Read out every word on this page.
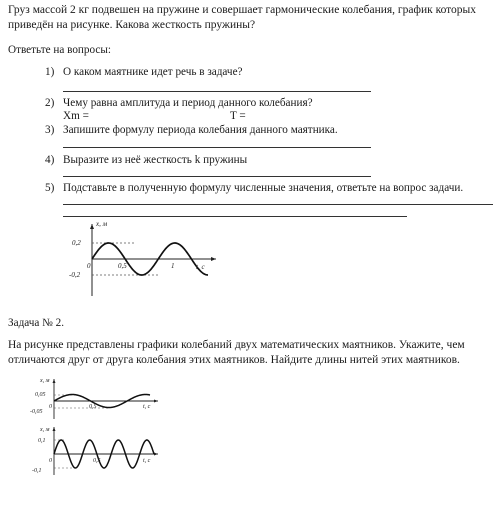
Груз массой 2 кг подвешен на пружине и совершает гармонические колебания, график которых приведён на рисунке. Какова жесткость пружины?
Ответьте на вопросы:
1) О каком маятнике идет речь в задаче?
2) Чему равна амплитуда и период данного колебания?
Xm =	T =
3) Запишите формулу периода колебания данного маятника.
4) Выразите из неё жесткость k пружины
5) Подставьте в полученную формулу численные значения, ответьте на вопрос задачи.
x, м
0,2
-0,2
0	0,5	1	t, c
Задача № 2.
На рисунке представлены графики колебаний двух математических маятников. Укажите, чем отличаются друг от друга колебания этих маятников. Найдите длины нитей этих маятников.
x, м
0,05
-0,05
0	0,5	t, c
x, м
0,1
-0,1
0	0,5	t, c
